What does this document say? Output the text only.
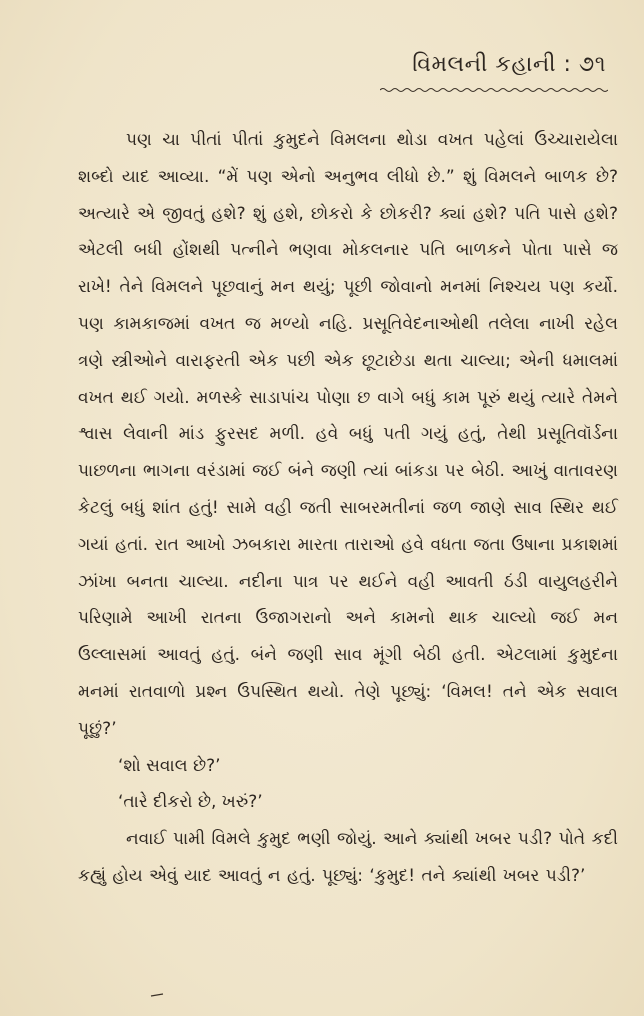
વિમલની કહાની : ૭૧

પણ ચા પીતાં પીતાં કુમુદને વિમલના થોડા વખત પહેલાં ઉચ્ચારાયેલા શબ્દો યાદ આવ્યા. “મેં પણ એનો અનુભવ લીધો છે.” શું વિમલને બાળક છે? અત્યારે એ જીવતું હશે? શું હશે, છોકરો કે છોકરી? ક્યાં હશે? પતિ પાસે હશે? એટલી બધી હોંશથી પત્નીને ભણવા મોકલનાર પતિ બાળકને પોતા પાસે જ રાખે! તેને વિમલને પૂછવાનું મન થયું; પૂછી જોવાનો મનમાં નિશ્ચય પણ કર્યો. પણ કામકાજમાં વખત જ મળ્યો નહિ. પ્રસૂતિવેદનાઓથી તલેલા નાખી રહેલ ત્રણે સ્ત્રીઓને વારાફરતી એક પછી એક છૂટાછેડા થતા ચાલ્યા; એની ધમાલમાં વખત થઈ ગયો. મળસ્કે સાડાપાંચ પોણા છ વાગે બધું કામ પૂરું થયું ત્યારે તેમને શ્વાસ લેવાની માંડ ફુરસદ મળી. હવે બધું પતી ગયું હતું, તેથી પ્રસૂતિવૉર્ડના પાછળના ભાગના વરંડામાં જઈ બંને જણી ત્યાં બાંકડા પર બેઠી. આખું વાતાવરણ કેટલું બધું શાંત હતું! સામે વહી જતી સાબરમતીનાં જળ જાણે સાવ સ્થિર થઈ ગયાં હતાં. રાત આખો ઝબકારા મારતા તારાઓ હવે વધતા જતા ઉષાના પ્રકાશમાં ઝાંખા બનતા ચાલ્યા. નદીના પાત્ર પર થઈને વહી આવતી ઠંડી વાયુલહરીને પરિણામે આખી રાતના ઉજાગરાનો અને કામનો થાક ચાલ્યો જઈ મન ઉલ્લાસમાં આવતું હતું. બંને જણી સાવ મૂંગી બેઠી હતી. એટલામાં કુમુદના મનમાં રાતવાળો પ્રશ્ન ઉપસ્થિત થયો. તેણે પૂછ્યું: ‘વિમલ! તને એક સવાલ પૂછું?’

‘શો સવાલ છે?’

‘તારે દીકરો છે, ખરું?’

નવાઈ પામી વિમલે કુમુદ ભણી જોયું. આને ક્યાંથી ખબર પડી? પોતે કદી કહ્યું હોય એવું યાદ આવતું ન હતું. પૂછ્યું: ‘કુમુદ! તને ક્યાંથી ખબર પડી?’
